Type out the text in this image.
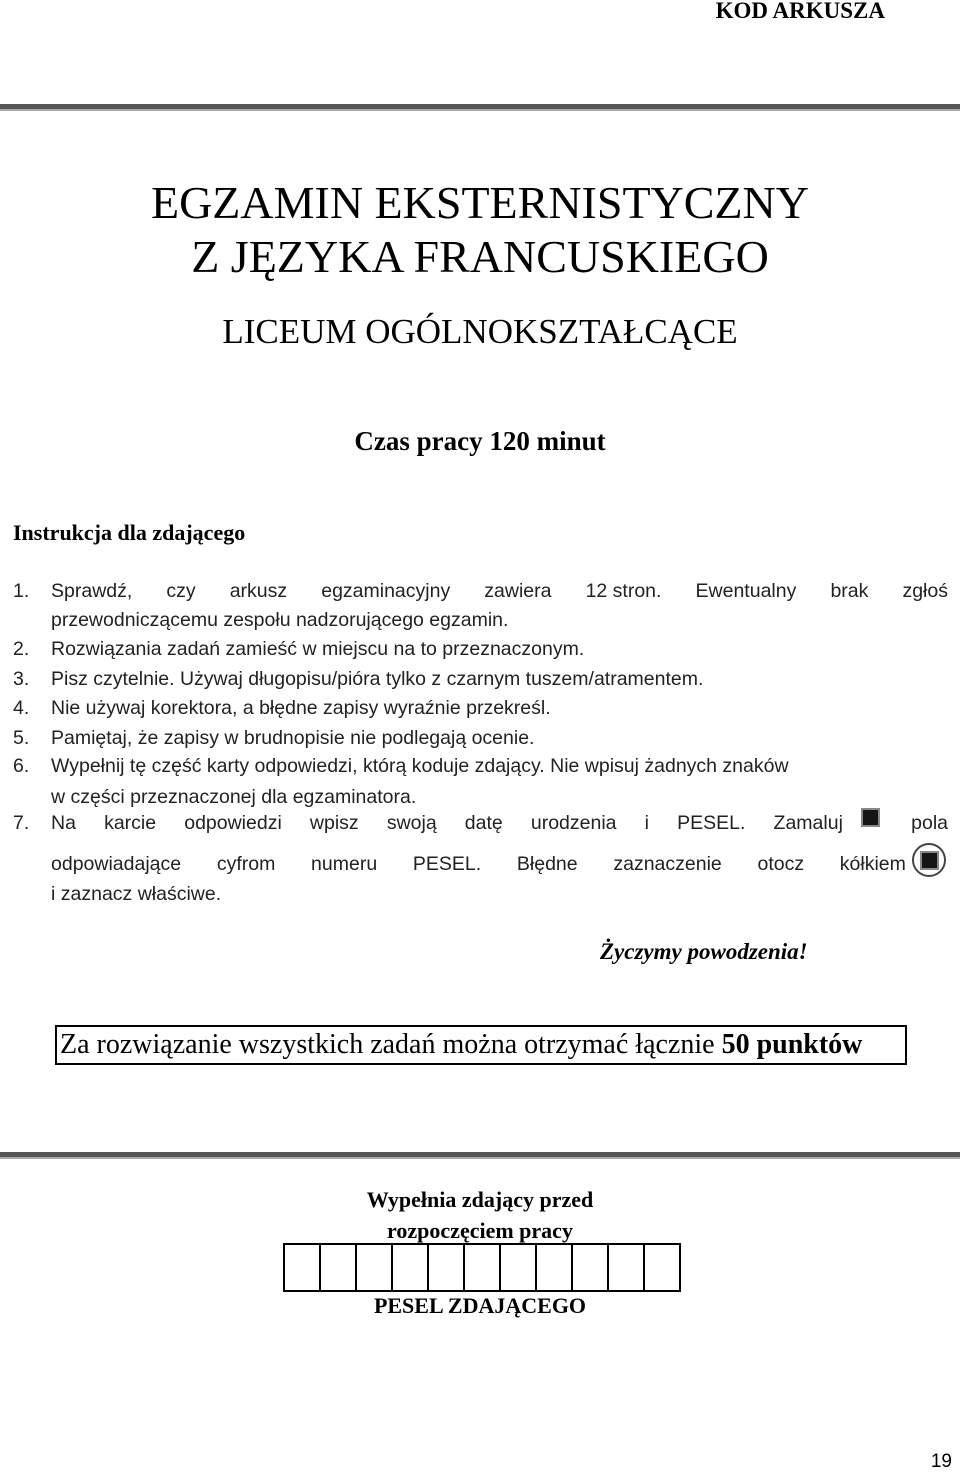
KOD ARKUSZA
EGZAMIN EKSTERNISTYCZNY
Z JĘZYKA FRANCUSKIEGO
LICEUM OGÓLNOKSZTAŁCĄCE
Czas pracy 120 minut
Instrukcja dla zdającego
1. Sprawdź, czy arkusz egzaminacyjny zawiera 12 stron. Ewentualny brak zgłoś
przewodniczącemu zespołu nadzorującego egzamin.
2. Rozwiązania zadań zamieść w miejscu na to przeznaczonym.
3. Pisz czytelnie. Używaj długopisu/pióra tylko z czarnym tuszem/atramentem.
4. Nie używaj korektora, a błędne zapisy wyraźnie przekreśl.
5. Pamiętaj, że zapisy w brudnopisie nie podlegają ocenie.
6. Wypełnij tę część karty odpowiedzi, którą koduje zdający. Nie wpisuj żadnych znaków
w części przeznaczonej dla egzaminatora.
7. Na karcie odpowiedzi wpisz swoją datę urodzenia i PESEL. Zamaluj	pola
odpowiadające cyfrom numeru PESEL. Błędne zaznaczenie otocz kółkiem
i zaznacz właściwe.
Życzymy powodzenia!
Za rozwiązanie wszystkich zadań można otrzymać łącznie 50 punktów
Wypełnia zdający przed
rozpoczęciem pracy
PESEL ZDAJĄCEGO
19
